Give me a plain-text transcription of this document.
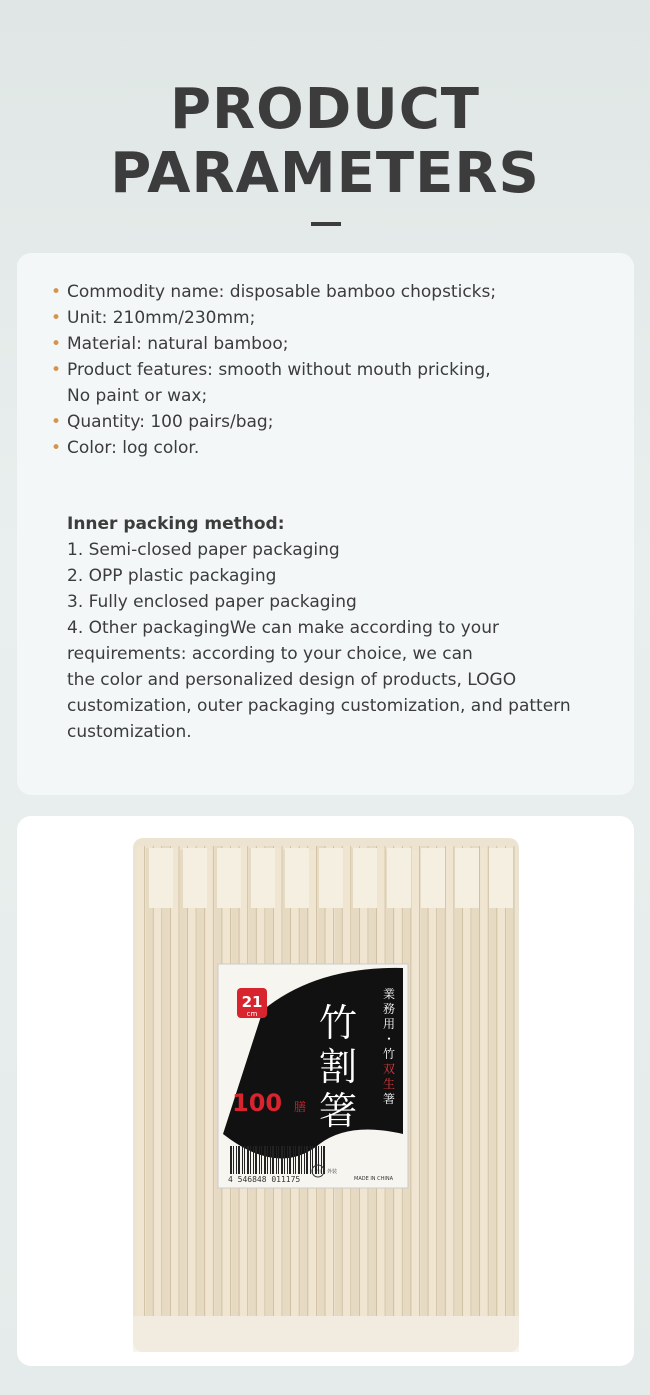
PRODUCT
PARAMETERS
• Commodity name: disposable bamboo chopsticks;
• Unit: 210mm/230mm;
• Material: natural bamboo;
• Product features: smooth without mouth pricking,
No paint or wax;
• Quantity: 100 pairs/bag;
• Color: log color.
Inner packing method:
1. Semi-closed paper packaging
2. OPP plastic packaging
3. Fully enclosed paper packaging
4. Other packagingWe can make according to your
requirements: according to your choice, we can
the color and personalized design of products, LOGO
customization, outer packaging customization, and pattern
customization.
21
cm
業
務
用
・
竹
双
生
箸
竹
割
箸
100 膳
4 546848 011175
プラ 外装
MADE IN CHINA
